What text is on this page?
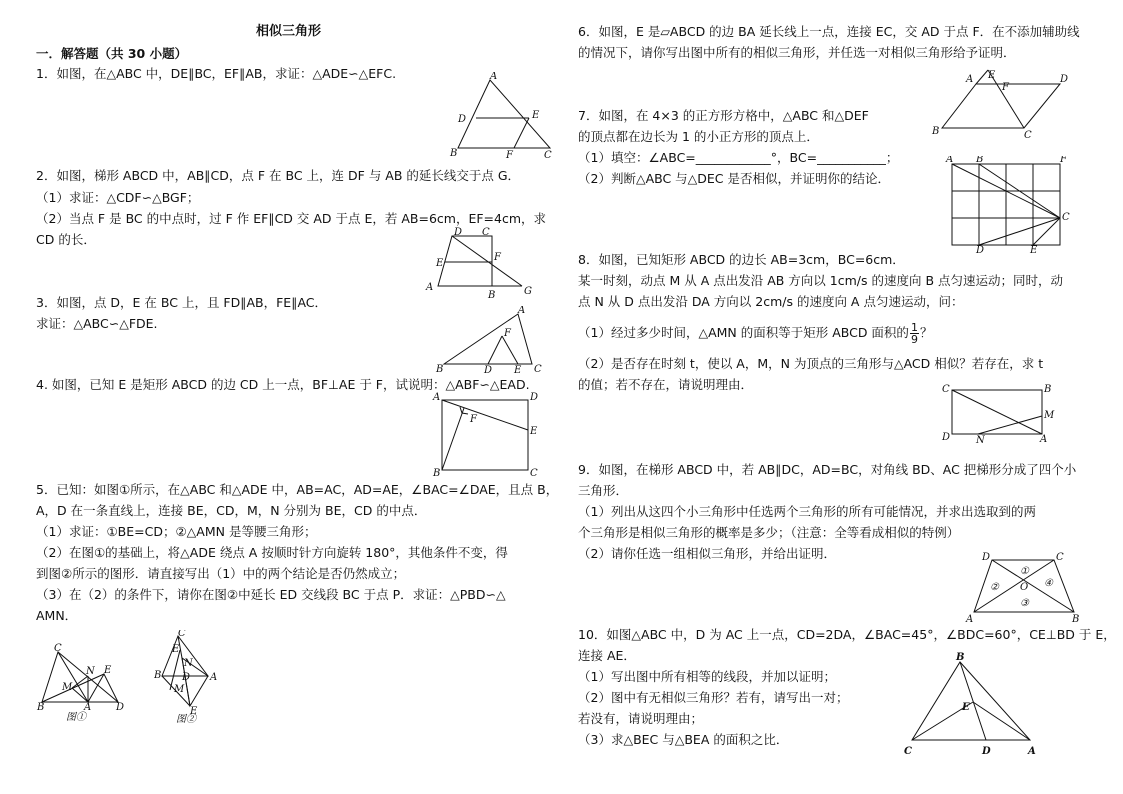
相似三角形
一．解答题（共 30 小题）
1．如图，在△ABC 中，DE∥BC，EF∥AB，求证：△ADE∽△EFC.	A
D	E
B	F	C
2．如图，梯形 ABCD 中，AB∥CD，点 F 在 BC 上，连 DF 与 AB 的延长线交于点 G．
（1）求证：△CDF∽△BGF；
（2）当点 F 是 BC 的中点时，过 F 作 EF∥CD 交 AD 于点 E，若 AB=6cm，EF=4cm，求
CD 的长．
A
D C
E
F
B	G
3．如图，点 D，E 在 BC 上，且 FD∥AB，FE∥AC．
求证：△ABC∽△FDE.
A
F
B	D E C
4. 如图，已知 E 是矩形 ABCD 的边 CD 上一点，BF⊥AE 于 F，试说明：△ABF∽△EAD.
A	D
F
E
B	C
5．已知：如图①所示，在△ABC 和△ADE 中，AB=AC，AD=AE，∠BAC=∠DAE，且点 B，
A，D 在一条直线上，连接 BE，CD，M，N 分别为 BE，CD 的中点．
（1）求证：①BE=CD；②△AMN 是等腰三角形；
（2）在图①的基础上，将△ADE 绕点 A 按顺时针方向旋转 180°，其他条件不变，得
到图②所示的图形．请直接写出（1）中的两个结论是否仍然成立；
（3）在（2）的条件下，请你在图②中延长 ED 交线段 BC 于点 P．求证：△PBD∽△
AMN．
C
M
N E
B	A D
图①
C
E
N
B D A
M
E
图②
6．如图，E 是▱ABCD 的边 BA 延长线上一点，连接 EC，交 AD 于点 F．在不添加辅助线
的情况下，请你写出图中所有的相似三角形，并任选一对相似三角形给予证明．
E
A
F
D
B	C
7．如图，在 4×3 的正方形方格中，△ABC 和△DEF
的顶点都在边长为 1 的小正方形的顶点上．
（1）填空：∠ABC=____________°，BC=___________；
（2）判断△ABC 与△DEC 是否相似，并证明你的结论．
A B	F
C
D	E
8．如图，已知矩形 ABCD 的边长 AB=3cm，BC=6cm．
某一时刻，动点 M 从 A 点出发沿 AB 方向以 1cm/s 的速度向 B 点匀速运动；同时，动
点 N 从 D 点出发沿 DA 方向以 2cm/s 的速度向 A 点匀速运动，问：
（1）经过多少时间，△AMN 的面积等于矩形 ABCD 面积的 $\frac{1}{9}$ ？
（2）是否存在时刻 t，使以 A，M，N 为顶点的三角形与△ACD 相似？若存在，求 t
的值；若不存在，请说明理由．	C	B
M
D	N	A
9．如图，在梯形 ABCD 中，若 AB∥DC，AD=BC，对角线 BD、AC 把梯形分成了四个小
三角形．
（1）列出从这四个小三角形中任选两个三角形的所有可能情况，并求出选取到的两
个三角形是相似三角形的概率是多少；（注意：全等看成相似的特例）
（2）请你任选一组相似三角形，并给出证明．	D	C
①
②	④
③
O
A	B
10．如图△ABC 中，D 为 AC 上一点，CD=2DA，∠BAC=45°，∠BDC=60°，CE⊥BD 于 E，
连接 AE．
（1）写出图中所有相等的线段，并加以证明；
（2）图中有无相似三角形？若有，请写出一对；
若没有，请说明理由；
（3）求△BEC 与△BEA 的面积之比．
B
E
C	D	A
